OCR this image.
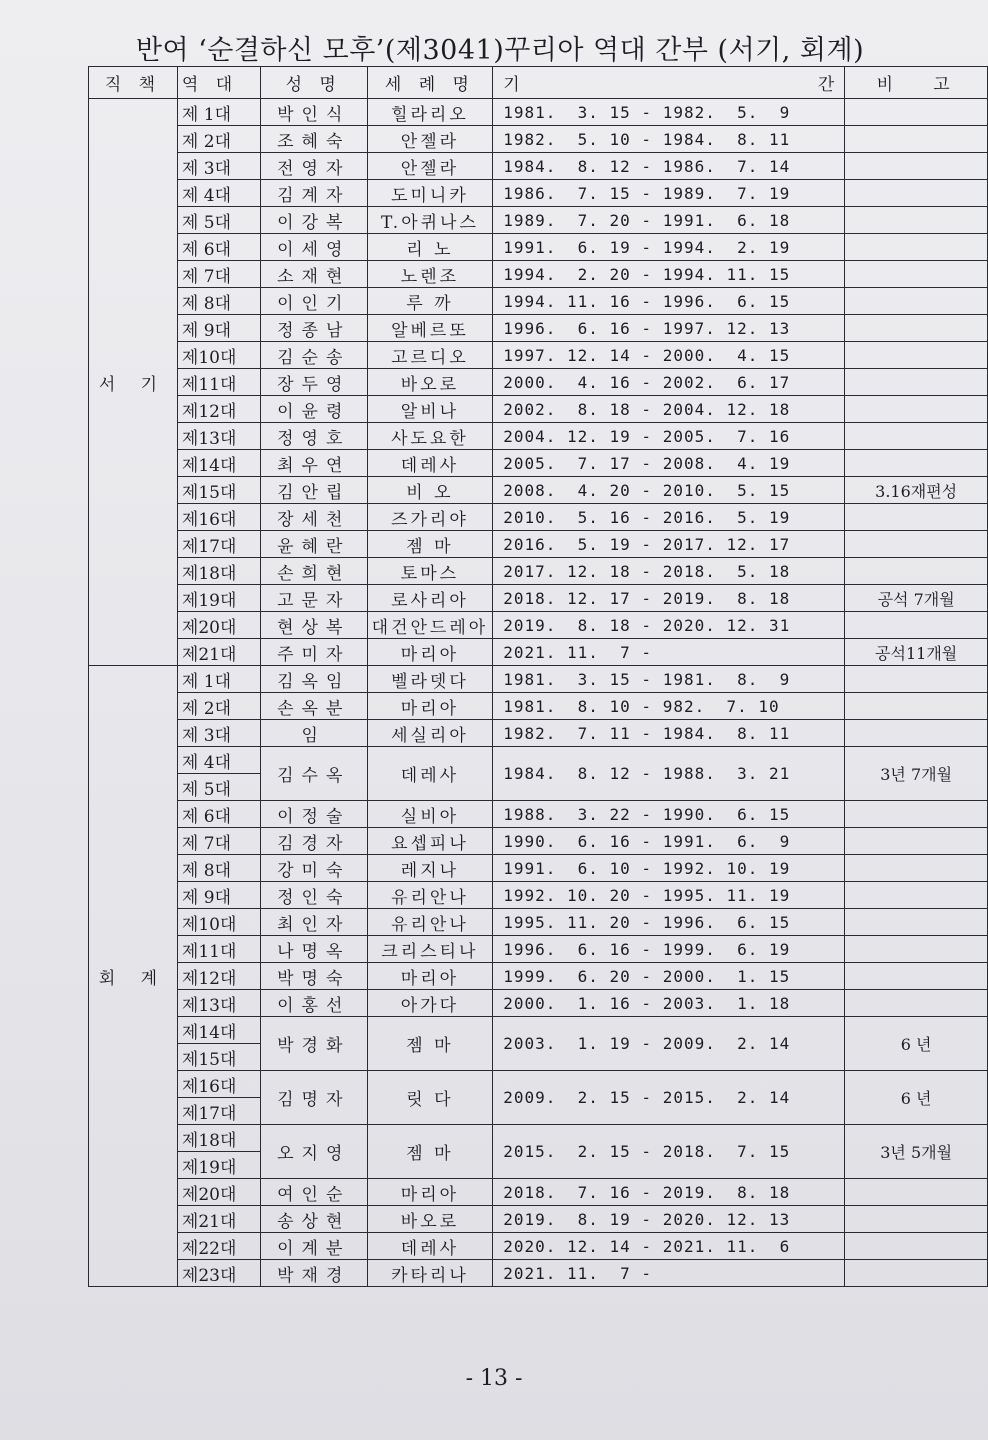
반여 ‘순결하신 모후’(제3041)꾸리아 역대 간부 (서기, 회계)
직 책	역 대	성 명	세 례 명	기                  간	비   고
서 기	제 1대	박인식	힐라리오	1981.  3. 15 - 1982.  5.  9	
	제 2대	조혜숙	안젤라	1982.  5. 10 - 1984.  8. 11	
	제 3대	전영자	안젤라	1984.  8. 12 - 1986.  7. 14	
	제 4대	김계자	도미니카	1986.  7. 15 - 1989.  7. 19	
	제 5대	이강복	T.아퀴나스	1989.  7. 20 - 1991.  6. 18	
	제 6대	이세영	리 노	1991.  6. 19 - 1994.  2. 19	
	제 7대	소재현	노렌조	1994.  2. 20 - 1994. 11. 15	
	제 8대	이인기	루 까	1994. 11. 16 - 1996.  6. 15	
	제 9대	정종남	알베르또	1996.  6. 16 - 1997. 12. 13	
	제10대	김순송	고르디오	1997. 12. 14 - 2000.  4. 15	
	제11대	장두영	바오로	2000.  4. 16 - 2002.  6. 17	
	제12대	이윤령	알비나	2002.  8. 18 - 2004. 12. 18	
	제13대	정영호	사도요한	2004. 12. 19 - 2005.  7. 16	
	제14대	최우연	데레사	2005.  7. 17 - 2008.  4. 19	
	제15대	김안립	비 오	2008.  4. 20 - 2010.  5. 15	3.16재편성
	제16대	장세천	즈가리야	2010.  5. 16 - 2016.  5. 19	
	제17대	윤혜란	젬 마	2016.  5. 19 - 2017. 12. 17	
	제18대	손희현	토마스	2017. 12. 18 - 2018.  5. 18	
	제19대	고문자	로사리아	2018. 12. 17 - 2019.  8. 18	공석 7개월
	제20대	현상복	대건안드레아	2019.  8. 18 - 2020. 12. 31	
	제21대	주미자	마리아	2021. 11.  7 -	공석11개월
회 계	제 1대	김옥임	벨라뎃다	1981.  3. 15 - 1981.  8.  9	
	제 2대	손옥분	마리아	1981.  8. 10 - 982.  7. 10	
	제 3대	임	세실리아	1982.  7. 11 - 1984.  8. 11	
	제 4대	김수옥	데레사	1984.  8. 12 - 1988.  3. 21	3년 7개월
	제 5대				
	제 6대	이정술	실비아	1988.  3. 22 - 1990.  6. 15	
	제 7대	김경자	요셉피나	1990.  6. 16 - 1991.  6.  9	
	제 8대	강미숙	레지나	1991.  6. 10 - 1992. 10. 19	
	제 9대	정인숙	유리안나	1992. 10. 20 - 1995. 11. 19	
	제10대	최인자	유리안나	1995. 11. 20 - 1996.  6. 15	
	제11대	나명옥	크리스티나	1996.  6. 16 - 1999.  6. 19	
	제12대	박명숙	마리아	1999.  6. 20 - 2000.  1. 15	
	제13대	이홍선	아가다	2000.  1. 16 - 2003.  1. 18	
	제14대	박경화	젬 마	2003.  1. 19 - 2009.  2. 14	6 년
	제15대				
	제16대	김명자	릿 다	2009.  2. 15 - 2015.  2. 14	6 년
	제17대				
	제18대	오지영	젬 마	2015.  2. 15 - 2018.  7. 15	3년 5개월
	제19대				
	제20대	여인순	마리아	2018.  7. 16 - 2019.  8. 18	
	제21대	송상현	바오로	2019.  8. 19 - 2020. 12. 13	
	제22대	이계분	데레사	2020. 12. 14 - 2021. 11.  6	
	제23대	박재경	카타리나	2021. 11.  7 -	
- 13 -
